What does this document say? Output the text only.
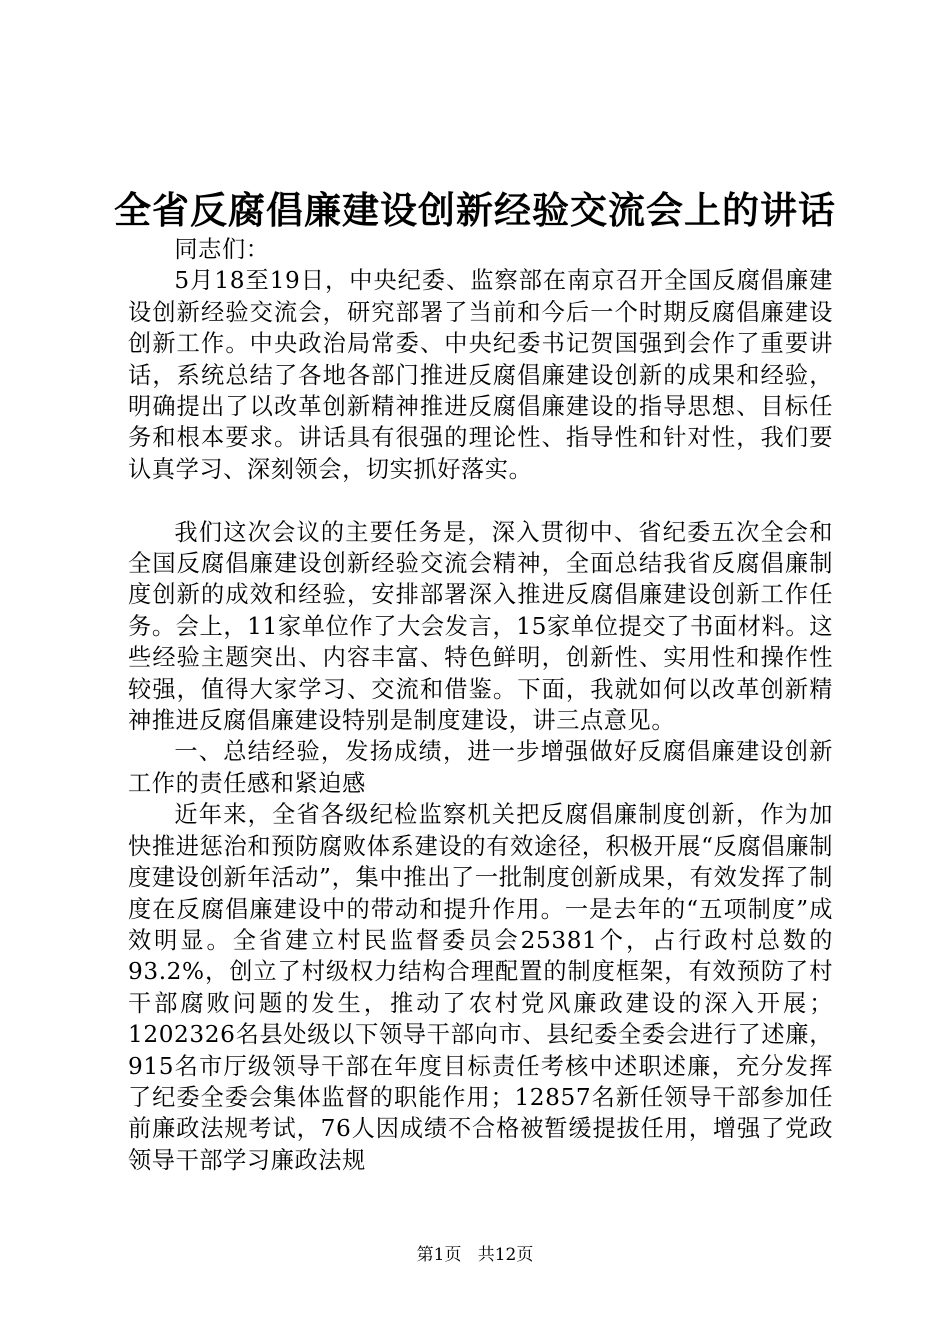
全省反腐倡廉建设创新经验交流会上的讲话

同志们：

5月18至19日，中央纪委、监察部在南京召开全国反腐倡廉建设创新经验交流会，研究部署了当前和今后一个时期反腐倡廉建设创新工作。中央政治局常委、中央纪委书记贺国强到会作了重要讲话，系统总结了各地各部门推进反腐倡廉建设创新的成果和经验，明确提出了以改革创新精神推进反腐倡廉建设的指导思想、目标任务和根本要求。讲话具有很强的理论性、指导性和针对性，我们要认真学习、深刻领会，切实抓好落实。

我们这次会议的主要任务是，深入贯彻中、省纪委五次全会和全国反腐倡廉建设创新经验交流会精神，全面总结我省反腐倡廉制度创新的成效和经验，安排部署深入推进反腐倡廉建设创新工作任务。会上，11家单位作了大会发言，15家单位提交了书面材料。这些经验主题突出、内容丰富、特色鲜明，创新性、实用性和操作性较强，值得大家学习、交流和借鉴。下面，我就如何以改革创新精神推进反腐倡廉建设特别是制度建设，讲三点意见。

一、总结经验，发扬成绩，进一步增强做好反腐倡廉建设创新工作的责任感和紧迫感

近年来，全省各级纪检监察机关把反腐倡廉制度创新，作为加快推进惩治和预防腐败体系建设的有效途径，积极开展“反腐倡廉制度建设创新年活动”，集中推出了一批制度创新成果，有效发挥了制度在反腐倡廉建设中的带动和提升作用。一是去年的“五项制度”成效明显。全省建立村民监督委员会25381个，占行政村总数的93.2%，创立了村级权力结构合理配置的制度框架，有效预防了村干部腐败问题的发生，推动了农村党风廉政建设的深入开展；1202326名县处级以下领导干部向市、县纪委全委会进行了述廉，915名市厅级领导干部在年度目标责任考核中述职述廉，充分发挥了纪委全委会集体监督的职能作用；12857名新任领导干部参加任前廉政法规考试，76人因成绩不合格被暂缓提拔任用，增强了党政领导干部学习廉政法规

第1页 共12页
